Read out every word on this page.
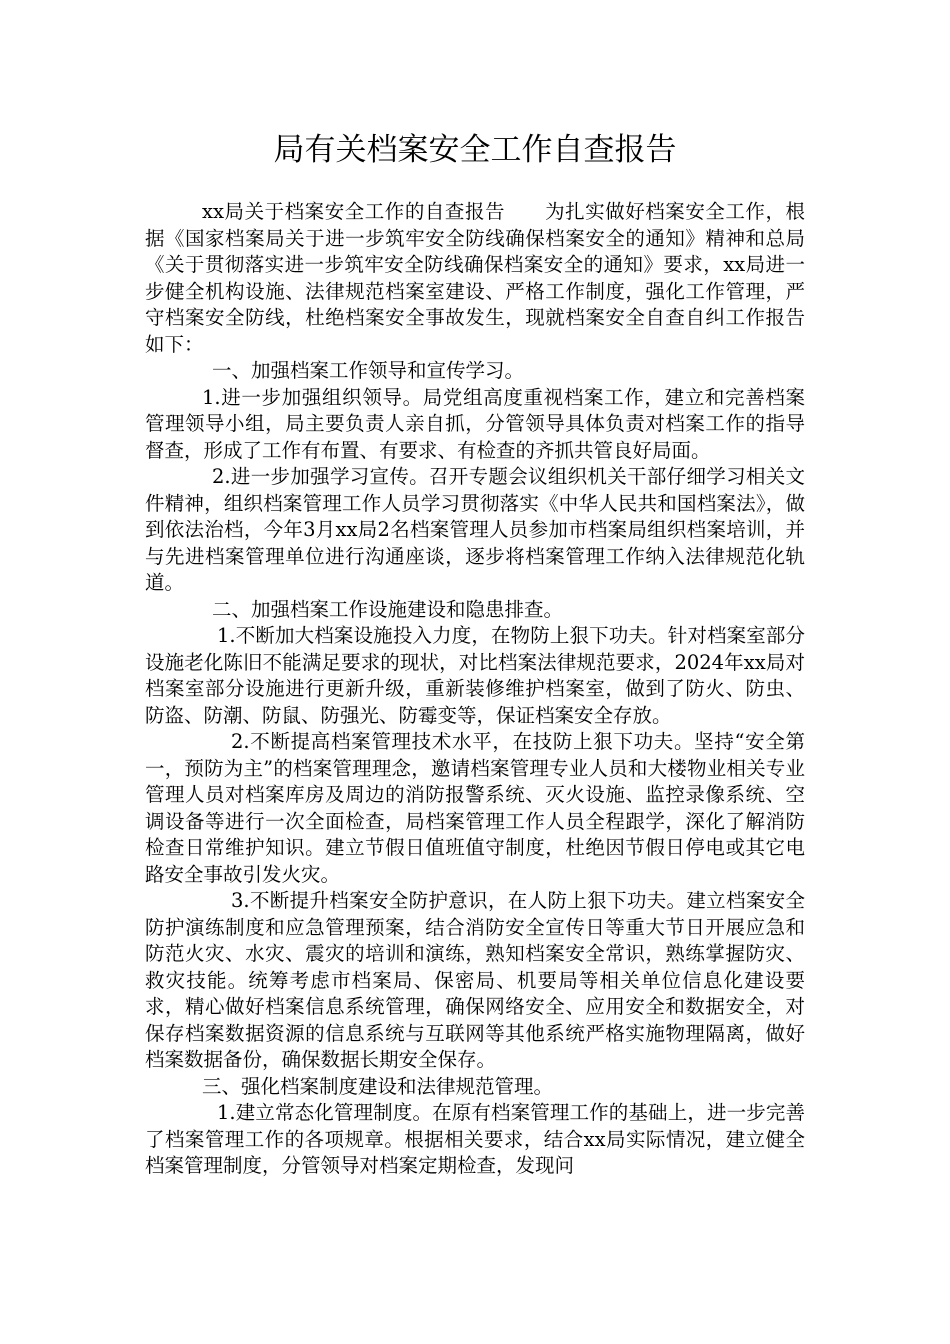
局有关档案安全工作自查报告

xx局关于档案安全工作的自查报告　　为扎实做好档案安全工作，根据《国家档案局关于进一步筑牢安全防线确保档案安全的通知》精神和总局《关于贯彻落实进一步筑牢安全防线确保档案安全的通知》要求，xx局进一步健全机构设施、法律规范档案室建设、严格工作制度，强化工作管理，严守档案安全防线，杜绝档案安全事故发生，现就档案安全自查自纠工作报告如下：

一、加强档案工作领导和宣传学习。

1.进一步加强组织领导。局党组高度重视档案工作，建立和完善档案管理领导小组，局主要负责人亲自抓，分管领导具体负责对档案工作的指导督查，形成了工作有布置、有要求、有检查的齐抓共管良好局面。

2.进一步加强学习宣传。召开专题会议组织机关干部仔细学习相关文件精神，组织档案管理工作人员学习贯彻落实《中华人民共和国档案法》，做到依法治档，今年3月xx局2名档案管理人员参加市档案局组织档案培训，并与先进档案管理单位进行沟通座谈，逐步将档案管理工作纳入法律规范化轨道。

二、加强档案工作设施建设和隐患排查。

1.不断加大档案设施投入力度，在物防上狠下功夫。针对档案室部分设施老化陈旧不能满足要求的现状，对比档案法律规范要求，2024年xx局对档案室部分设施进行更新升级，重新装修维护档案室，做到了防火、防虫、防盗、防潮、防鼠、防强光、防霉变等，保证档案安全存放。

2.不断提高档案管理技术水平，在技防上狠下功夫。坚持“安全第一，预防为主”的档案管理理念，邀请档案管理专业人员和大楼物业相关专业管理人员对档案库房及周边的消防报警系统、灭火设施、监控录像系统、空调设备等进行一次全面检查，局档案管理工作人员全程跟学，深化了解消防检查日常维护知识。建立节假日值班值守制度，杜绝因节假日停电或其它电路安全事故引发火灾。

3.不断提升档案安全防护意识，在人防上狠下功夫。建立档案安全防护演练制度和应急管理预案，结合消防安全宣传日等重大节日开展应急和防范火灾、水灾、震灾的培训和演练，熟知档案安全常识，熟练掌握防灾、救灾技能。统筹考虑市档案局、保密局、机要局等相关单位信息化建设要求，精心做好档案信息系统管理，确保网络安全、应用安全和数据安全，对保存档案数据资源的信息系统与互联网等其他系统严格实施物理隔离，做好档案数据备份，确保数据长期安全保存。

三、强化档案制度建设和法律规范管理。

1.建立常态化管理制度。在原有档案管理工作的基础上，进一步完善了档案管理工作的各项规章。根据相关要求，结合xx局实际情况，建立健全档案管理制度，分管领导对档案定期检查，发现问
